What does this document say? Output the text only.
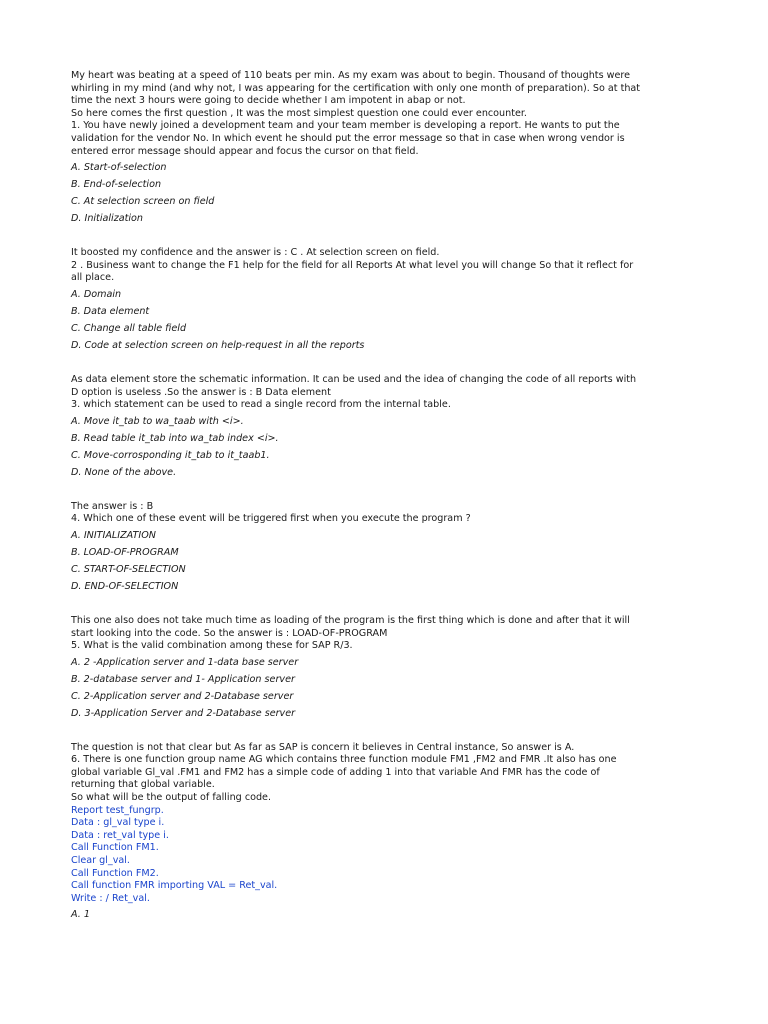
My heart was beating at a speed of 110 beats per min. As my exam was about to begin. Thousand of thoughts were

whirling in my mind (and why not, I was appearing for the certification with only one month of preparation). So at that

time the next 3 hours were going to decide whether I am impotent in abap or not.

So here comes the first question , It was the most simplest question one could ever encounter.

1. You have newly joined a development team and your team member is developing a report. He wants to put the

validation for the vendor No. In which event he should put the error message so that in case when wrong vendor is

entered error message should appear and focus the cursor on that field.

A. Start-of-selection

B. End-of-selection

C. At selection screen on field

D. Initialization

It boosted my confidence and the answer is : C . At selection screen on field.

2 . Business want to change the F1 help for the field for all Reports At what level you will change So that it reflect for

all place.

A. Domain

B. Data element

C. Change all table field

D. Code at selection screen on help-request in all the reports

As data element store the schematic information. It can be used and the idea of changing the code of all reports with

D option is useless .So the answer is : B Data element

3. which statement can be used to read a single record from the internal table.

A. Move it_tab to wa_taab with <i>.

B. Read table it_tab into wa_tab index <i>.

C. Move-corrosponding it_tab to it_taab1.

D. None of the above.

The answer is : B

4. Which one of these event will be triggered first when you execute the program ?

A. INITIALIZATION

B. LOAD-OF-PROGRAM

C. START-OF-SELECTION

D. END-OF-SELECTION

This one also does not take much time as loading of the program is the first thing which is done and after that it will

start looking into the code. So the answer is : LOAD-OF-PROGRAM

5. What is the valid combination among these for SAP R/3.

A. 2 -Application server and 1-data base server

B. 2-database server and 1- Application server

C. 2-Application server and 2-Database server

D. 3-Application Server and 2-Database server

The question is not that clear but As far as SAP is concern it believes in Central instance, So answer is A.

6. There is one function group name AG which contains three function module FM1 ,FM2 and FMR .It also has one

global variable Gl_val .FM1 and FM2 has a simple code of adding 1 into that variable And FMR has the code of

returning that global variable.

So what will be the output of falling code.

Report test_fungrp.

Data : gl_val type i.

Data : ret_val type i.

Call Function FM1.

Clear gl_val.

Call Function FM2.

Call function FMR importing VAL = Ret_val.

Write : / Ret_val.

A. 1
